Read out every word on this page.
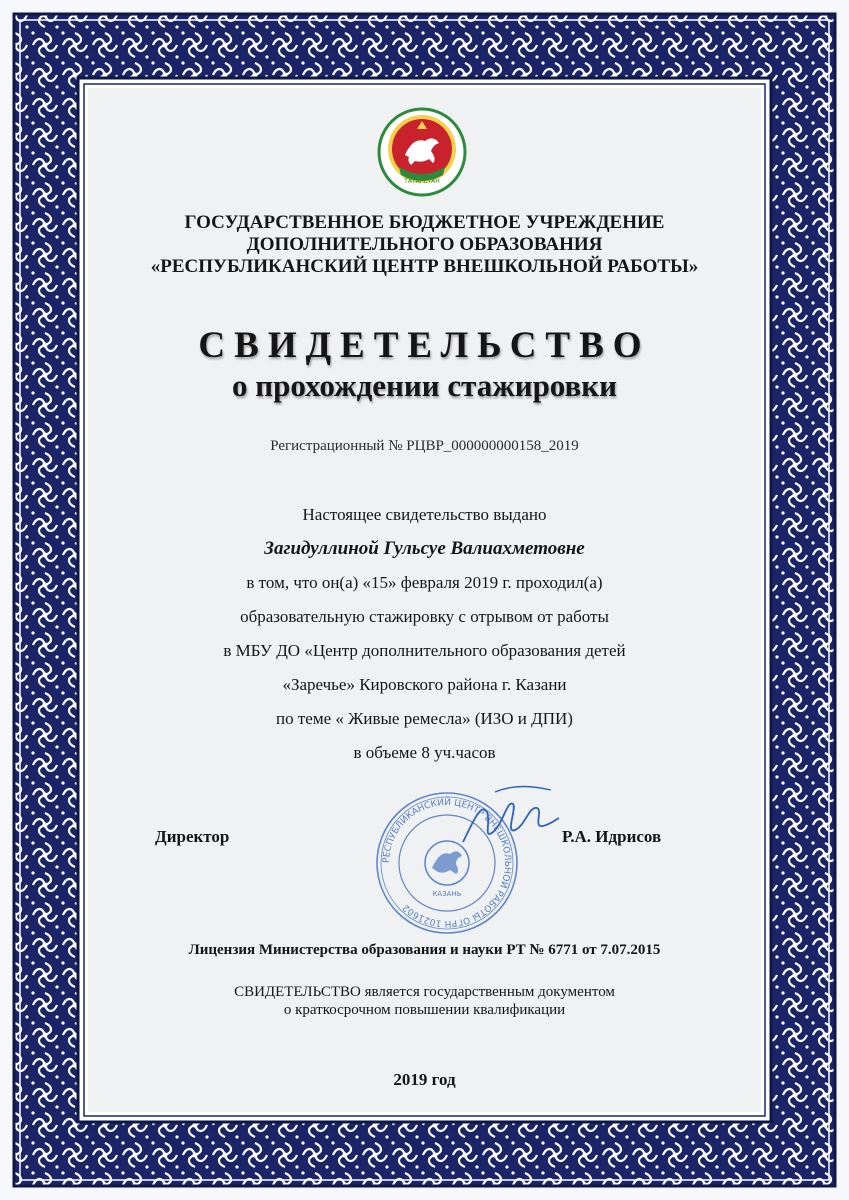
ТАТАРСТАН
ГОСУДАРСТВЕННОЕ БЮДЖЕТНОЕ УЧРЕЖДЕНИЕ
ДОПОЛНИТЕЛЬНОГО ОБРАЗОВАНИЯ
«РЕСПУБЛИКАНСКИЙ ЦЕНТР ВНЕШКОЛЬНОЙ РАБОТЫ»
СВИДЕТЕЛЬСТВО
о прохождении стажировки
Регистрационный № РЦВР_000000000158_2019
Настоящее свидетельство выдано
Загидуллиной Гульсуе Валиахметовне
в том, что он(а) «15» февраля 2019 г. проходил(а)
образовательную стажировку с отрывом от работы
в МБУ ДО «Центр дополнительного образования детей
«Заречье» Кировского района г. Казани
по теме « Живые ремесла» (ИЗО и ДПИ)
в объеме 8 уч.часов
Директор
РЕСПУБЛИКАНСКИЙ ЦЕНТР ВНЕШКОЛЬНОЙ РАБОТЫ ОГРН 1021602
КАЗАНЬ
Р.А. Идрисов
Лицензия Министерства образования и науки РТ № 6771 от 7.07.2015
СВИДЕТЕЛЬСТВО является государственным документом
о краткосрочном повышении квалификации
2019 год
